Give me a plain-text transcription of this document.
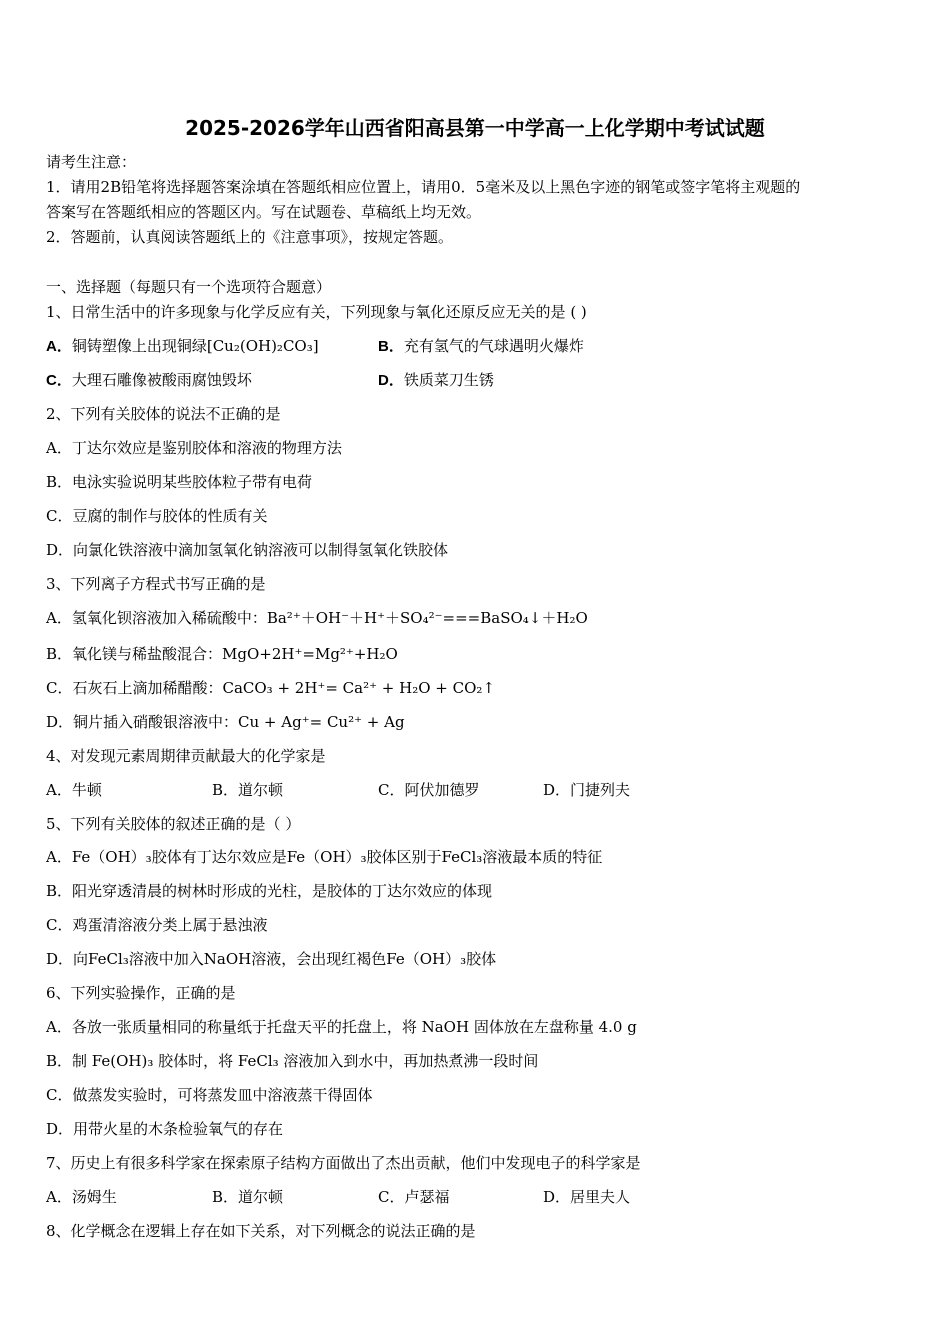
2025-2026学年山西省阳高县第一中学高一上化学期中考试试题
请考生注意：
1．请用2B铅笔将选择题答案涂填在答题纸相应位置上，请用0．5毫米及以上黑色字迹的钢笔或签字笔将主观题的
答案写在答题纸相应的答题区内。写在试题卷、草稿纸上均无效。
2．答题前，认真阅读答题纸上的《注意事项》，按规定答题。
一、选择题（每题只有一个选项符合题意）
1、日常生活中的许多现象与化学反应有关，下列现象与氧化还原反应无关的是 ( )
A．铜铸塑像上出现铜绿[Cu₂(OH)₂CO₃]	B．充有氢气的气球遇明火爆炸
C．大理石雕像被酸雨腐蚀毁坏	D．铁质菜刀生锈
2、下列有关胶体的说法不正确的是
A．丁达尔效应是鉴别胶体和溶液的物理方法
B．电泳实验说明某些胶体粒子带有电荷
C．豆腐的制作与胶体的性质有关
D．向氯化铁溶液中滴加氢氧化钠溶液可以制得氢氧化铁胶体
3、下列离子方程式书写正确的是
A．氢氧化钡溶液加入稀硫酸中：Ba²⁺＋OH⁻＋H⁺＋SO₄²⁻===BaSO₄↓＋H₂O
B．氧化镁与稀盐酸混合：MgO+2H⁺=Mg²⁺+H₂O
C．石灰石上滴加稀醋酸：CaCO₃ + 2H⁺= Ca²⁺ + H₂O + CO₂↑
D．铜片插入硝酸银溶液中：Cu + Ag⁺= Cu²⁺ + Ag
4、对发现元素周期律贡献最大的化学家是
A．牛顿	B．道尔顿	C．阿伏加德罗	D．门捷列夫
5、下列有关胶体的叙述正确的是（ ）
A．Fe（OH）₃胶体有丁达尔效应是Fe（OH）₃胶体区别于FeCl₃溶液最本质的特征
B．阳光穿透清晨的树林时形成的光柱，是胶体的丁达尔效应的体现
C．鸡蛋清溶液分类上属于悬浊液
D．向FeCl₃溶液中加入NaOH溶液，会出现红褐色Fe（OH）₃胶体
6、下列实验操作，正确的是
A．各放一张质量相同的称量纸于托盘天平的托盘上，将 NaOH 固体放在左盘称量 4.0 g
B．制 Fe(OH)₃ 胶体时，将 FeCl₃ 溶液加入到水中，再加热煮沸一段时间
C．做蒸发实验时，可将蒸发皿中溶液蒸干得固体
D．用带火星的木条检验氧气的存在
7、历史上有很多科学家在探索原子结构方面做出了杰出贡献，他们中发现电子的科学家是
A．汤姆生	B．道尔顿	C．卢瑟福	D．居里夫人
8、化学概念在逻辑上存在如下关系，对下列概念的说法正确的是
